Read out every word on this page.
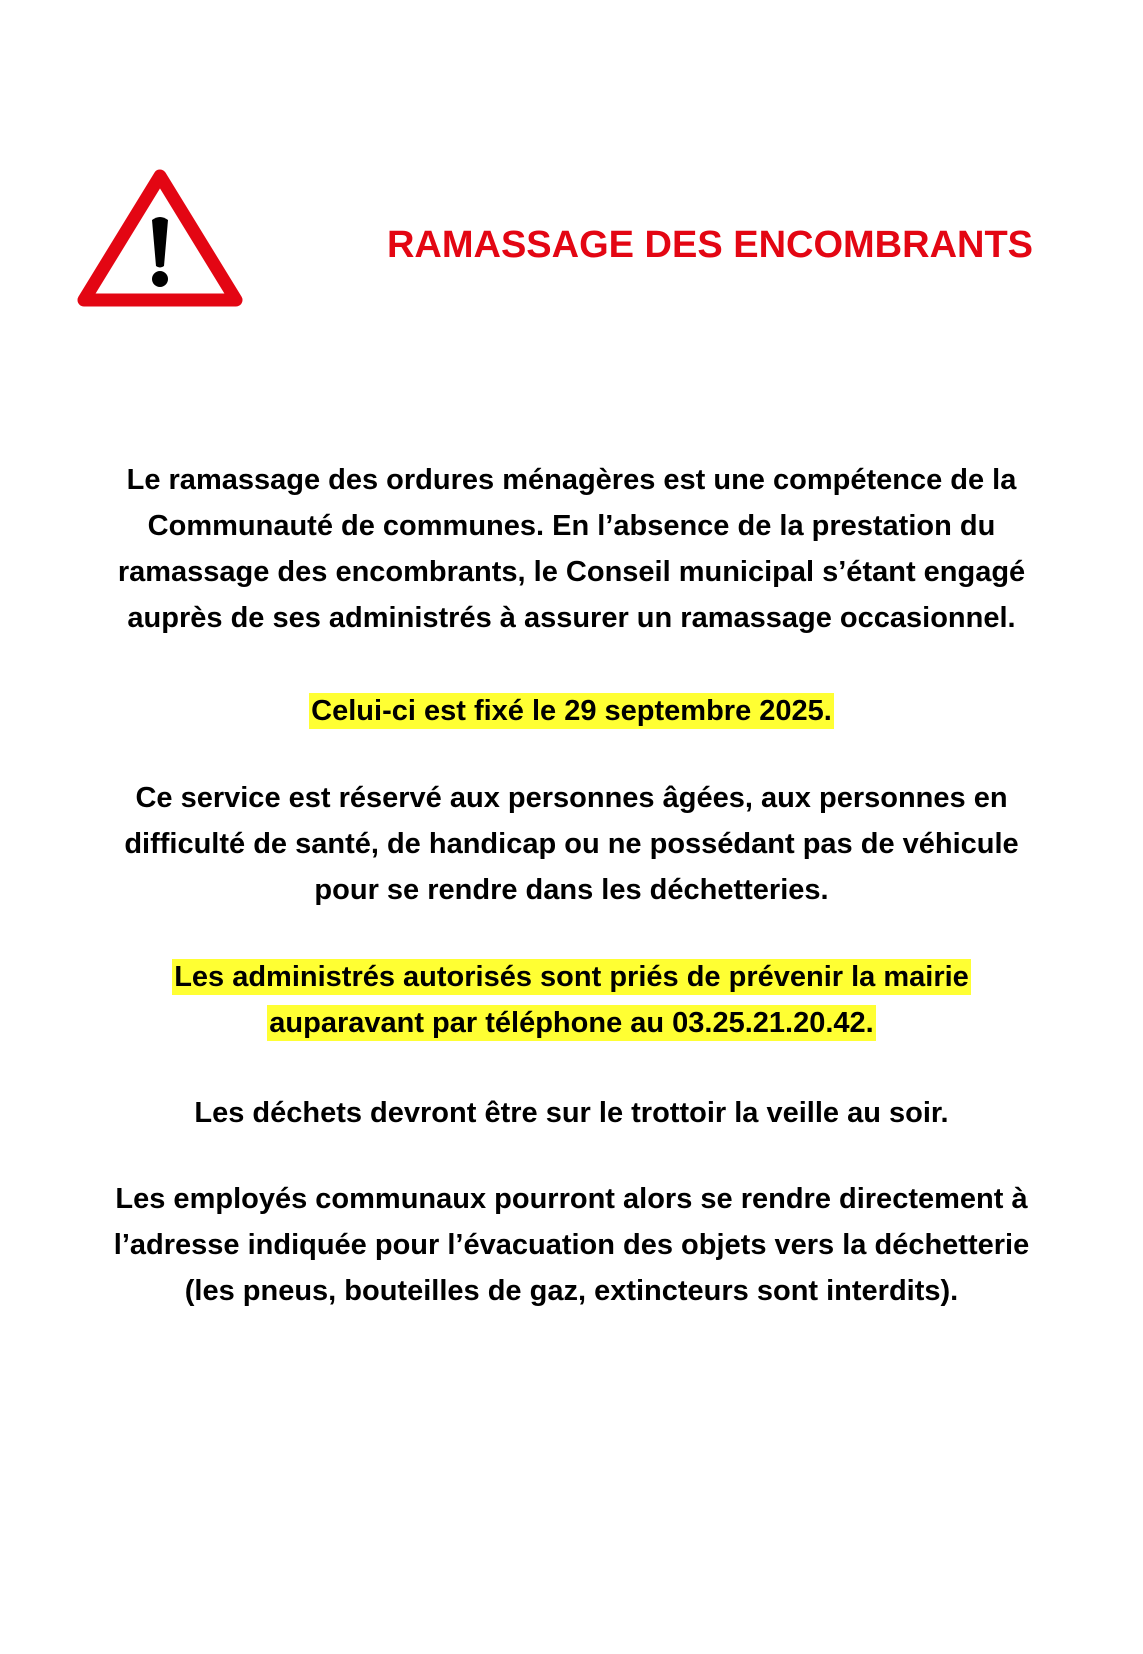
RAMASSAGE DES ENCOMBRANTS

Le ramassage des ordures ménagères est une compétence de la
Communauté de communes. En l’absence de la prestation du
ramassage des encombrants, le Conseil municipal s’étant engagé
auprès de ses administrés à assurer un ramassage occasionnel.

Celui-ci est fixé le 29 septembre 2025.

Ce service est réservé aux personnes âgées, aux personnes en
difficulté de santé, de handicap ou ne possédant pas de véhicule
pour se rendre dans les déchetteries.

Les administrés autorisés sont priés de prévenir la mairie
auparavant par téléphone au 03.25.21.20.42.

Les déchets devront être sur le trottoir la veille au soir.

Les employés communaux pourront alors se rendre directement à
l’adresse indiquée pour l’évacuation des objets vers la déchetterie
(les pneus, bouteilles de gaz, extincteurs sont interdits).
